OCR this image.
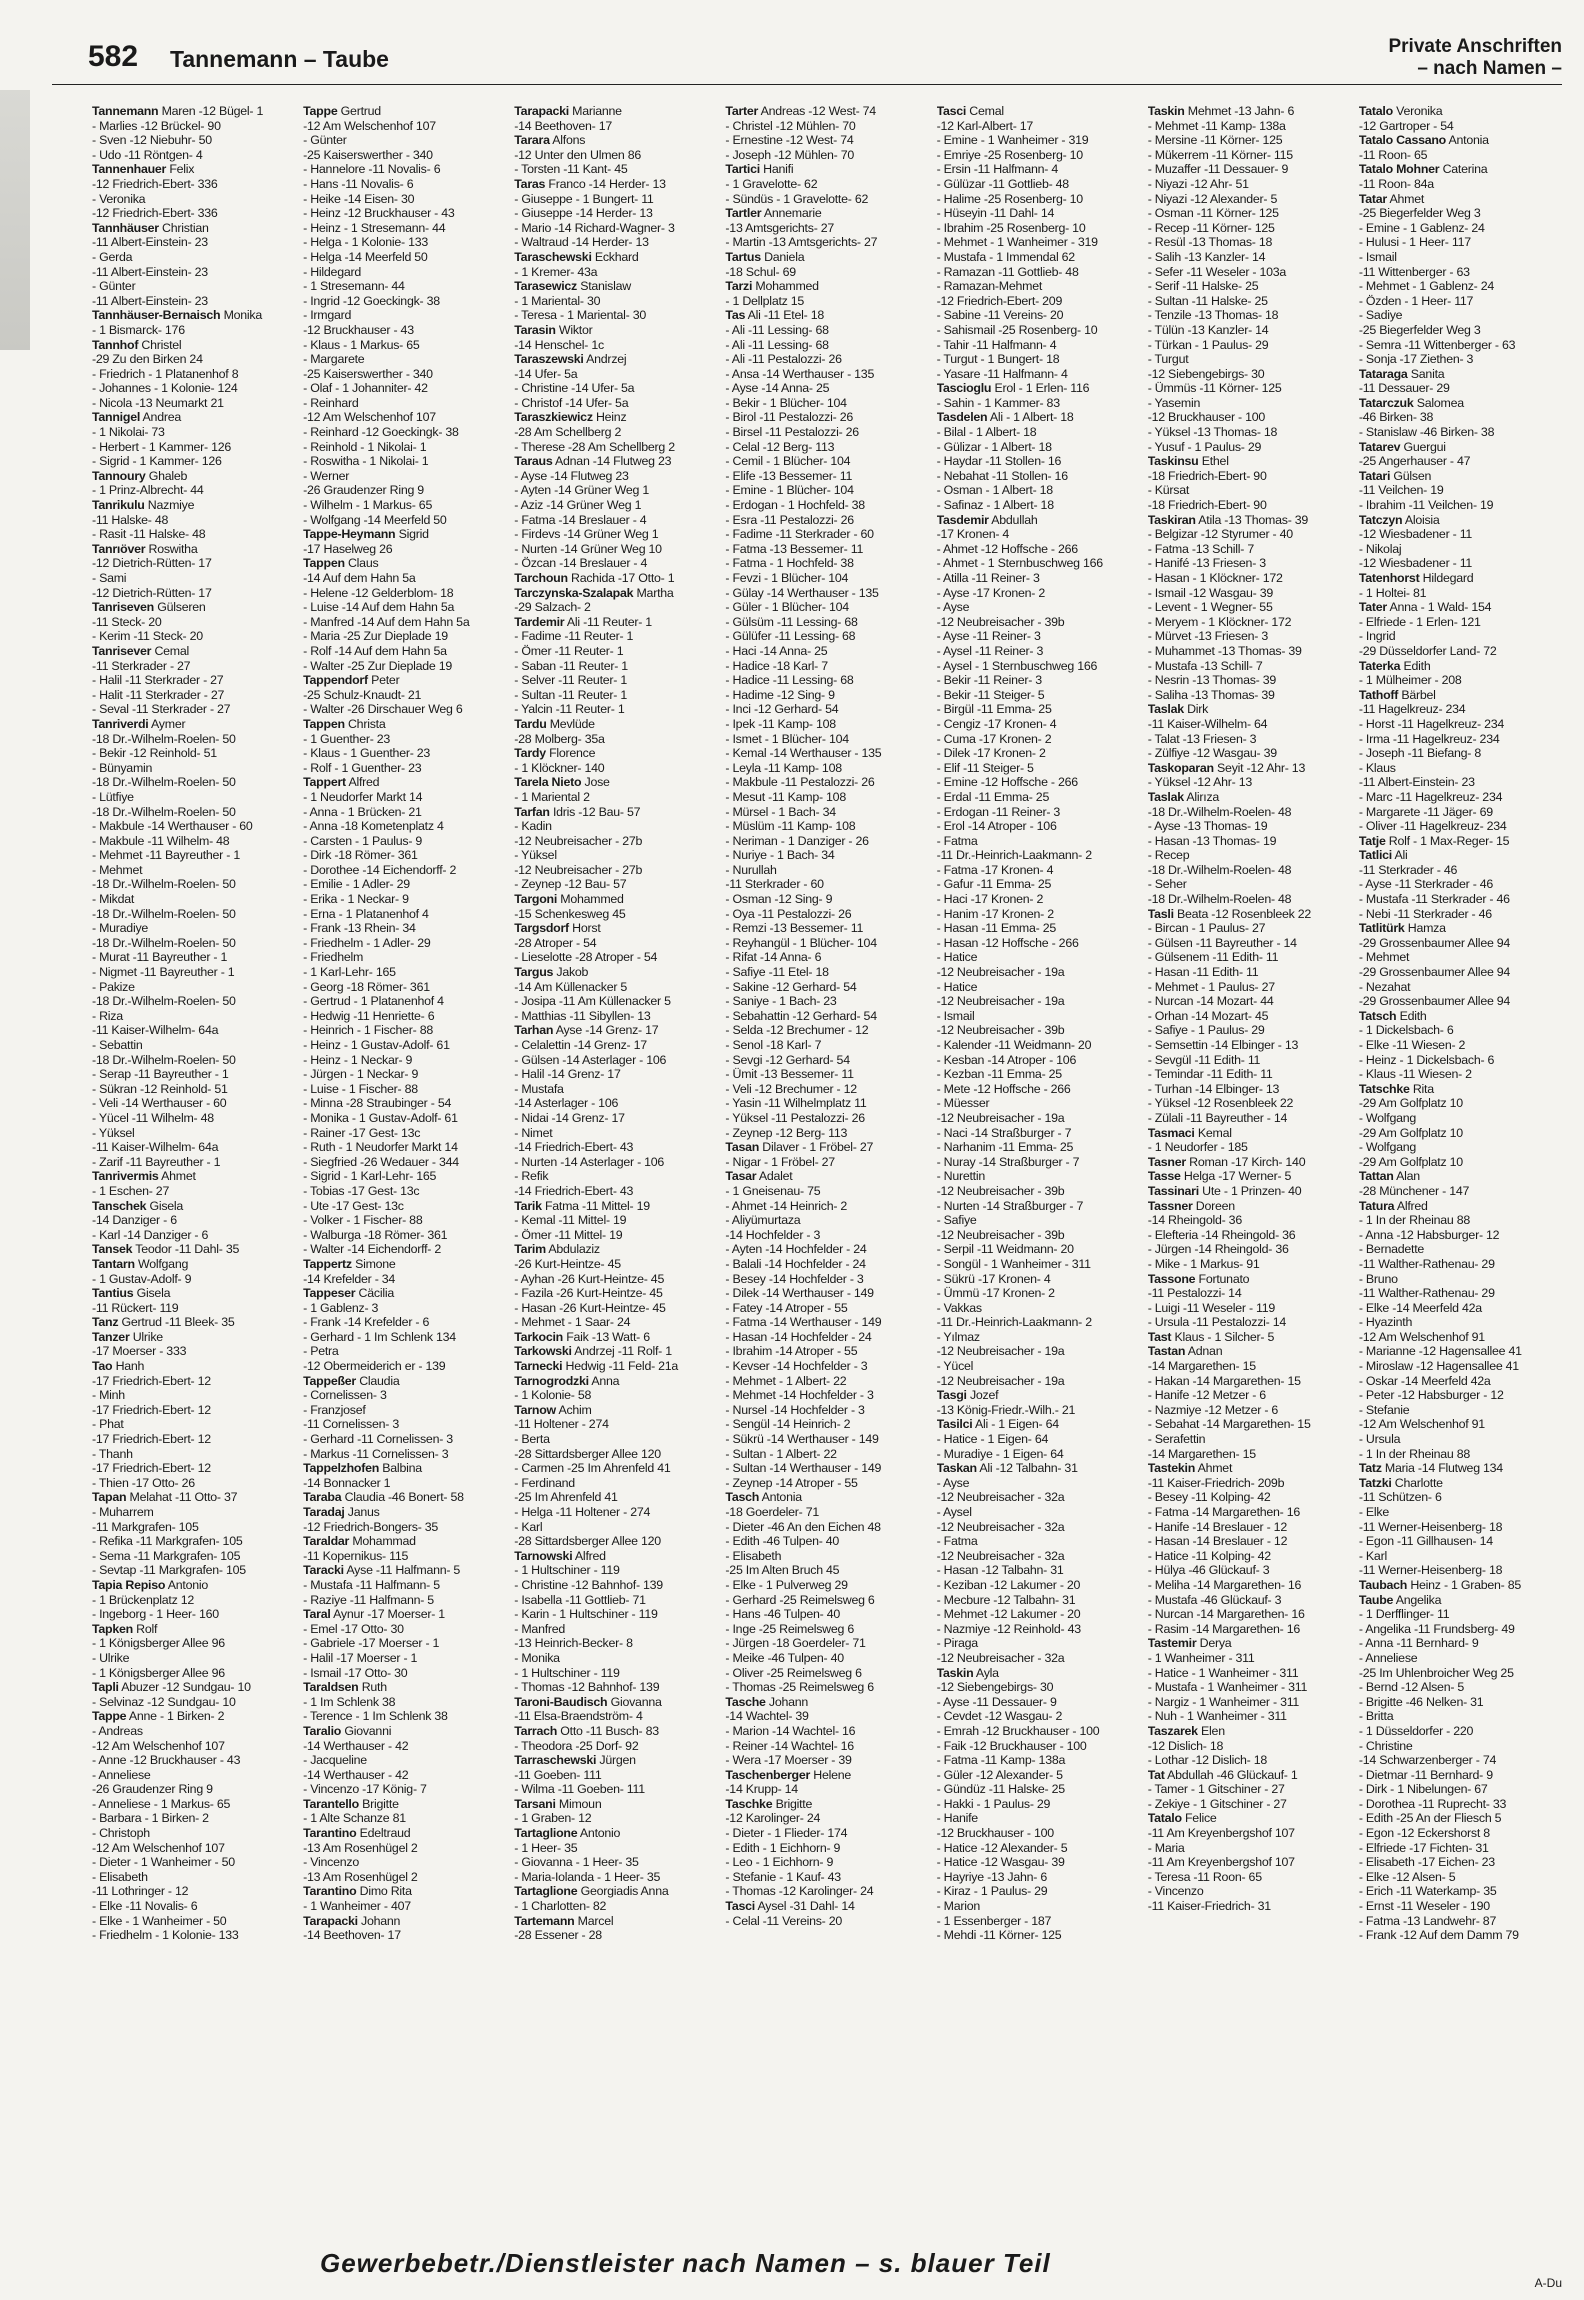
582 Tannemann – Taube	Private Anschriften
– nach Namen –
Tannemann Maren -12 Bügel- 1
- Marlies -12 Brückel- 90
- Sven -12 Niebuhr- 50
- Udo -11 Röntgen- 4
Tannenhauer Felix
-12 Friedrich-Ebert- 336
- Veronika
-12 Friedrich-Ebert- 336
Tannhäuser Christian
-11 Albert-Einstein- 23
- Gerda
-11 Albert-Einstein- 23
- Günter
-11 Albert-Einstein- 23
Tannhäuser-Bernaisch Monika
- 1 Bismarck- 176
Tannhof Christel
-29 Zu den Birken 24
- Friedrich - 1 Platanenhof 8
- Johannes - 1 Kolonie- 124
- Nicola -13 Neumarkt 21
Tannigel Andrea
- 1 Nikolai- 73
- Herbert - 1 Kammer- 126
- Sigrid - 1 Kammer- 126
Tannoury Ghaleb
- 1 Prinz-Albrecht- 44
Tanrikulu Nazmiye
-11 Halske- 48
- Rasit -11 Halske- 48
Tanrıöver Roswitha
-12 Dietrich-Rütten- 17
- Sami
-12 Dietrich-Rütten- 17
Tanriseven Gülseren
-11 Steck- 20
- Kerim -11 Steck- 20
Tanrisever Cemal
-11 Sterkrader - 27
- Halil -11 Sterkrader - 27
- Halit -11 Sterkrader - 27
- Seval -11 Sterkrader - 27
Tanriverdi Aymer
-18 Dr.-Wilhelm-Roelen- 50
- Bekir -12 Reinhold- 51
- Bünyamin
-18 Dr.-Wilhelm-Roelen- 50
- Lütfiye
-18 Dr.-Wilhelm-Roelen- 50
- Makbule -14 Werthauser - 60
- Makbule -11 Wilhelm- 48
- Mehmet -11 Bayreuther - 1
- Mehmet
-18 Dr.-Wilhelm-Roelen- 50
- Mikdat
-18 Dr.-Wilhelm-Roelen- 50
- Muradiye
-18 Dr.-Wilhelm-Roelen- 50
- Murat -11 Bayreuther - 1
- Nigmet -11 Bayreuther - 1
- Pakize
-18 Dr.-Wilhelm-Roelen- 50
- Riza
-11 Kaiser-Wilhelm- 64a
- Sebattin
-18 Dr.-Wilhelm-Roelen- 50
- Serap -11 Bayreuther - 1
- Sükran -12 Reinhold- 51
- Veli -14 Werthauser - 60
- Yücel -11 Wilhelm- 48
- Yüksel
-11 Kaiser-Wilhelm- 64a
- Zarif -11 Bayreuther - 1
Tanrivermis Ahmet
- 1 Eschen- 27
Tanschek Gisela
-14 Danziger - 6
- Karl -14 Danziger - 6
Tansek Teodor -11 Dahl- 35
Tantarn Wolfgang
- 1 Gustav-Adolf- 9
Tantius Gisela
-11 Rückert- 119
Tanz Gertrud -11 Bleek- 35
Tanzer Ulrike
-17 Moerser - 333
Tao Hanh
-17 Friedrich-Ebert- 12
- Minh
-17 Friedrich-Ebert- 12
- Phat
-17 Friedrich-Ebert- 12
- Thanh
-17 Friedrich-Ebert- 12
- Thien -17 Otto- 26
Tapan Melahat -11 Otto- 37
- Muharrem
-11 Markgrafen- 105
- Refika -11 Markgrafen- 105
- Sema -11 Markgrafen- 105
- Sevtap -11 Markgrafen- 105
Tapia Repiso Antonio
- 1 Brückenplatz 12
- Ingeborg - 1 Heer- 160
Tapken Rolf
- 1 Königsberger Allee 96
- Ulrike
- 1 Königsberger Allee 96
Tapli Abuzer -12 Sundgau- 10
- Selvinaz -12 Sundgau- 10
Tappe Anne - 1 Birken- 2
- Andreas
-12 Am Welschenhof 107
- Anne -12 Bruckhauser - 43
- Anneliese
-26 Graudenzer Ring 9
- Anneliese - 1 Markus- 65
- Barbara - 1 Birken- 2
- Christoph
-12 Am Welschenhof 107
- Dieter - 1 Wanheimer - 50
- Elisabeth
-11 Lothringer - 12
- Elke -11 Novalis- 6
- Elke - 1 Wanheimer - 50
- Friedhelm - 1 Kolonie- 133
Tappe Gertrud
-12 Am Welschenhof 107
- Günter
-25 Kaiserswerther - 340
- Hannelore -11 Novalis- 6
- Hans -11 Novalis- 6
- Heike -14 Eisen- 30
- Heinz -12 Bruckhauser - 43
- Heinz - 1 Stresemann- 44
- Helga - 1 Kolonie- 133
- Helga -14 Meerfeld 50
- Hildegard
- 1 Stresemann- 44
- Ingrid -12 Goeckingk- 38
- Irmgard
-12 Bruckhauser - 43
- Klaus - 1 Markus- 65
- Margarete
-25 Kaiserswerther - 340
- Olaf - 1 Johanniter- 42
- Reinhard
-12 Am Welschenhof 107
- Reinhard -12 Goeckingk- 38
- Reinhold - 1 Nikolai- 1
- Roswitha - 1 Nikolai- 1
- Werner
-26 Graudenzer Ring 9
- Wilhelm - 1 Markus- 65
- Wolfgang -14 Meerfeld 50
Tappe-Heymann Sigrid
-17 Haselweg 26
Tappen Claus
-14 Auf dem Hahn 5a
- Helene -12 Gelderblom- 18
- Luise -14 Auf dem Hahn 5a
- Manfred -14 Auf dem Hahn 5a
- Maria -25 Zur Dieplade 19
- Rolf -14 Auf dem Hahn 5a
- Walter -25 Zur Dieplade 19
Tappendorf Peter
-25 Schulz-Knaudt- 21
- Walter -26 Dirschauer Weg 6
Tappen Christa
- 1 Guenther- 23
- Klaus - 1 Guenther- 23
- Rolf - 1 Guenther- 23
Tappert Alfred
- 1 Neudorfer Markt 14
- Anna - 1 Brücken- 21
- Anna -18 Kometenplatz 4
- Carsten - 1 Paulus- 9
- Dirk -18 Römer- 361
- Dorothee -14 Eichendorff- 2
- Emilie - 1 Adler- 29
- Erika - 1 Neckar- 9
- Erna - 1 Platanenhof 4
- Frank -13 Rhein- 34
- Friedhelm - 1 Adler- 29
- Friedhelm
- 1 Karl-Lehr- 165
- Georg -18 Römer- 361
- Gertrud - 1 Platanenhof 4
- Hedwig -11 Henriette- 6
- Heinrich - 1 Fischer- 88
- Heinz - 1 Gustav-Adolf- 61
- Heinz - 1 Neckar- 9
- Jürgen - 1 Neckar- 9
- Luise - 1 Fischer- 88
- Minna -28 Straubinger - 54
- Monika - 1 Gustav-Adolf- 61
- Rainer -17 Gest- 13c
- Ruth - 1 Neudorfer Markt 14
- Siegfried -26 Wedauer - 344
- Sigrid - 1 Karl-Lehr- 165
- Tobias -17 Gest- 13c
- Ute -17 Gest- 13c
- Volker - 1 Fischer- 88
- Walburga -18 Römer- 361
- Walter -14 Eichendorff- 2
Tappertz Simone
-14 Krefelder - 34
Tappeser Cäcilia
- 1 Gablenz- 3
- Frank -14 Krefelder - 6
- Gerhard - 1 Im Schlenk 134
- Petra
-12 Obermeiderich er - 139
Tappeßer Claudia
- Cornelissen- 3
- Franzjosef
-11 Cornelissen- 3
- Gerhard -11 Cornelissen- 3
- Markus -11 Cornelissen- 3
Tappelzhofen Balbina
-14 Bonnacker 1
Taraba Claudia -46 Bonert- 58
Taradaj Janus
-12 Friedrich-Bongers- 35
Taraldar Mohammad
-11 Kopernikus- 115
Taracki Ayse -11 Halfmann- 5
- Mustafa -11 Halfmann- 5
- Raziye -11 Halfmann- 5
Taral Aynur -17 Moerser- 1
- Emel -17 Otto- 30
- Gabriele -17 Moerser - 1
- Halil -17 Moerser - 1
- Ismail -17 Otto- 30
Taraldsen Ruth
- 1 Im Schlenk 38
- Terence - 1 Im Schlenk 38
Taralio Giovanni
-14 Werthauser - 42
- Jacqueline
-14 Werthauser - 42
- Vincenzo -17 König- 7
Tarantello Brigitte
- 1 Alte Schanze 81
Tarantino Edeltraud
-13 Am Rosenhügel 2
- Vincenzo
-13 Am Rosenhügel 2
Tarantino Dimo Rita
- 1 Wanheimer - 407
Tarapacki Johann
-14 Beethoven- 17
Tarapacki Marianne
-14 Beethoven- 17
Tarara Alfons
-12 Unter den Ulmen 86
- Torsten -11 Kant- 45
Taras Franco -14 Herder- 13
- Giuseppe - 1 Bungert- 11
- Giuseppe -14 Herder- 13
- Mario -14 Richard-Wagner- 3
- Waltraud -14 Herder- 13
Taraschewski Eckhard
- 1 Kremer- 43a
Tarasewicz Stanislaw
- 1 Mariental- 30
- Teresa - 1 Mariental- 30
Tarasin Wiktor
-14 Henschel- 1c
Taraszewski Andrzej
-14 Ufer- 5a
- Christine -14 Ufer- 5a
- Christof -14 Ufer- 5a
Taraszkiewicz Heinz
-28 Am Schellberg 2
- Therese -28 Am Schellberg 2
Taraus Adnan -14 Flutweg 23
- Ayse -14 Flutweg 23
- Ayten -14 Grüner Weg 1
- Aziz -14 Grüner Weg 1
- Fatma -14 Breslauer - 4
- Firdevs -14 Grüner Weg 1
- Nurten -14 Grüner Weg 10
- Özcan -14 Breslauer - 4
Tarchoun Rachida -17 Otto- 1
Tarczynska-Szalapak Martha
-29 Salzach- 2
Tardemir Ali -11 Reuter- 1
- Fadime -11 Reuter- 1
- Ömer -11 Reuter- 1
- Saban -11 Reuter- 1
- Selver -11 Reuter- 1
- Sultan -11 Reuter- 1
- Yalcin -11 Reuter- 1
Tardu Mevlüde
-28 Molberg- 35a
Tardy Florence
- 1 Klöckner- 140
Tarela Nieto Jose
- 1 Mariental 2
Tarfan Idris -12 Bau- 57
- Kadin
-12 Neubreisacher - 27b
- Yüksel
-12 Neubreisacher - 27b
- Zeynep -12 Bau- 57
Targoni Mohammed
-15 Schenkesweg 45
Targsdorf Horst
-28 Atroper - 54
- Lieselotte -28 Atroper - 54
Targus Jakob
-14 Am Küllenacker 5
- Josipa -11 Am Küllenacker 5
- Matthias -11 Sibyllen- 13
Tarhan Ayse -14 Grenz- 17
- Celalettin -14 Grenz- 17
- Gülsen -14 Asterlager - 106
- Halil -14 Grenz- 17
- Mustafa
-14 Asterlager - 106
- Nidai -14 Grenz- 17
- Nimet
-14 Friedrich-Ebert- 43
- Nurten -14 Asterlager - 106
- Refik
-14 Friedrich-Ebert- 43
Tarik Fatma -11 Mittel- 19
- Kemal -11 Mittel- 19
- Ömer -11 Mittel- 19
Tarim Abdulaziz
-26 Kurt-Heintze- 45
- Ayhan -26 Kurt-Heintze- 45
- Fazila -26 Kurt-Heintze- 45
- Hasan -26 Kurt-Heintze- 45
- Mehmet - 1 Saar- 24
Tarkocin Faik -13 Watt- 6
Tarkowski Andrzej -11 Rolf- 1
Tarnecki Hedwig -11 Feld- 21a
Tarnogrodzki Anna
- 1 Kolonie- 58
Tarnow Achim
-11 Holtener - 274
- Berta
-28 Sittardsberger Allee 120
- Carmen -25 Im Ahrenfeld 41
- Ferdinand
-25 Im Ahrenfeld 41
- Helga -11 Holtener - 274
- Karl
-28 Sittardsberger Allee 120
Tarnowski Alfred
- 1 Hultschiner - 119
- Christine -12 Bahnhof- 139
- Isabella -11 Gottlieb- 71
- Karin - 1 Hultschiner - 119
- Manfred
-13 Heinrich-Becker- 8
- Monika
- 1 Hultschiner - 119
- Thomas -12 Bahnhof- 139
Taroni-Baudisch Giovanna
-11 Elsa-Braendström- 4
Tarrach Otto -11 Busch- 83
- Theodora -25 Dorf- 92
Tarraschewski Jürgen
-11 Goeben- 111
- Wilma -11 Goeben- 111
Tarsani Mimoun
- 1 Graben- 12
Tartaglione Antonio
- 1 Heer- 35
- Giovanna - 1 Heer- 35
- Maria-Iolanda - 1 Heer- 35
Tartaglione Georgiadis Anna
- 1 Charlotten- 82
Tartemann Marcel
-28 Essener - 28
Tarter Andreas -12 West- 74
- Christel -12 Mühlen- 70
- Ernestine -12 West- 74
- Joseph -12 Mühlen- 70
Tartici Hanifi
- 1 Gravelotte- 62
- Sündüs - 1 Gravelotte- 62
Tartler Annemarie
-13 Amtsgerichts- 27
- Martin -13 Amtsgerichts- 27
Tartus Daniela
-18 Schul- 69
Tarzi Mohammed
- 1 Dellplatz 15
Tas Ali -11 Etel- 18
- Ali -11 Lessing- 68
- Ali -11 Lessing- 68
- Ali -11 Pestalozzi- 26
- Ansa -14 Werthauser - 135
- Ayse -14 Anna- 25
- Bekir - 1 Blücher- 104
- Birol -11 Pestalozzi- 26
- Birsel -11 Pestalozzi- 26
- Celal -12 Berg- 113
- Cemil - 1 Blücher- 104
- Elife -13 Bessemer- 11
- Emine - 1 Blücher- 104
- Erdogan - 1 Hochfeld- 38
- Esra -11 Pestalozzi- 26
- Fadime -11 Sterkrader - 60
- Fatma -13 Bessemer- 11
- Fatma - 1 Hochfeld- 38
- Fevzi - 1 Blücher- 104
- Gülay -14 Werthauser - 135
- Güler - 1 Blücher- 104
- Gülsüm -11 Lessing- 68
- Gülüfer -11 Lessing- 68
- Haci -14 Anna- 25
- Hadice -18 Karl- 7
- Hadice -11 Lessing- 68
- Hadime -12 Sing- 9
- Inci -12 Gerhard- 54
- Ipek -11 Kamp- 108
- Ismet - 1 Blücher- 104
- Kemal -14 Werthauser - 135
- Leyla -11 Kamp- 108
- Makbule -11 Pestalozzi- 26
- Mesut -11 Kamp- 108
- Mürsel - 1 Bach- 34
- Müslüm -11 Kamp- 108
- Neriman - 1 Danziger - 26
- Nuriye - 1 Bach- 34
- Nurullah
-11 Sterkrader - 60
- Osman -12 Sing- 9
- Oya -11 Pestalozzi- 26
- Remzi -13 Bessemer- 11
- Reyhangül - 1 Blücher- 104
- Rifat -14 Anna- 6
- Safiye -11 Etel- 18
- Sakine -12 Gerhard- 54
- Saniye - 1 Bach- 23
- Sebahattin -12 Gerhard- 54
- Selda -12 Brechumer - 12
- Senol -18 Karl- 7
- Sevgi -12 Gerhard- 54
- Ümit -13 Bessemer- 11
- Veli -12 Brechumer - 12
- Yasin -11 Wilhelmplatz 11
- Yüksel -11 Pestalozzi- 26
- Zeynep -12 Berg- 113
Tasan Dilaver - 1 Fröbel- 27
- Nigar - 1 Fröbel- 27
Tasar Adalet
- 1 Gneisenau- 75
- Ahmet -14 Heinrich- 2
- Aliyümurtaza
-14 Hochfelder - 3
- Ayten -14 Hochfelder - 24
- Balali -14 Hochfelder - 24
- Besey -14 Hochfelder - 3
- Dilek -14 Werthauser - 149
- Fatey -14 Atroper - 55
- Fatma -14 Werthauser - 149
- Hasan -14 Hochfelder - 24
- Ibrahim -14 Atroper - 55
- Kevser -14 Hochfelder - 3
- Mehmet - 1 Albert- 22
- Mehmet -14 Hochfelder - 3
- Nursel -14 Hochfelder - 3
- Sengül -14 Heinrich- 2
- Sükrü -14 Werthauser - 149
- Sultan - 1 Albert- 22
- Sultan -14 Werthauser - 149
- Zeynep -14 Atroper - 55
Tasch Antonia
-18 Goerdeler- 71
- Dieter -46 An den Eichen 48
- Edith -46 Tulpen- 40
- Elisabeth
-25 Im Alten Bruch 45
- Elke - 1 Pulverweg 29
- Gerhard -25 Reimelsweg 6
- Hans -46 Tulpen- 40
- Inge -25 Reimelsweg 6
- Jürgen -18 Goerdeler- 71
- Meike -46 Tulpen- 40
- Oliver -25 Reimelsweg 6
- Thomas -25 Reimelsweg 6
Tasche Johann
-14 Wachtel- 39
- Marion -14 Wachtel- 16
- Reiner -14 Wachtel- 16
- Wera -17 Moerser - 39
Taschenberger Helene
-14 Krupp- 14
Taschke Brigitte
-12 Karolinger- 24
- Dieter - 1 Flieder- 174
- Edith - 1 Eichhorn- 9
- Leo - 1 Eichhorn- 9
- Stefanie - 1 Kauf- 43
- Thomas -12 Karolinger- 24
Tasci Aysel -31 Dahl- 14
- Celal -11 Vereins- 20
Tasci Cemal
-12 Karl-Albert- 17
- Emine - 1 Wanheimer - 319
- Emriye -25 Rosenberg- 10
- Ersin -11 Halfmann- 4
- Gülüzar -11 Gottlieb- 48
- Halime -25 Rosenberg- 10
- Hüseyin -11 Dahl- 14
- Ibrahim -25 Rosenberg- 10
- Mehmet - 1 Wanheimer - 319
- Mustafa - 1 Immendal 62
- Ramazan -11 Gottlieb- 48
- Ramazan-Mehmet
-12 Friedrich-Ebert- 209
- Sabine -11 Vereins- 20
- Sahismail -25 Rosenberg- 10
- Tahir -11 Halfmann- 4
- Turgut - 1 Bungert- 18
- Yasare -11 Halfmann- 4
Tascioglu Erol - 1 Erlen- 116
- Sahin - 1 Kammer- 83
Tasdelen Ali - 1 Albert- 18
- Bilal - 1 Albert- 18
- Gülizar - 1 Albert- 18
- Haydar -11 Stollen- 16
- Nebahat -11 Stollen- 16
- Osman - 1 Albert- 18
- Safinaz - 1 Albert- 18
Tasdemir Abdullah
-17 Kronen- 4
- Ahmet -12 Hoffsche - 266
- Ahmet - 1 Sternbuschweg 166
- Atilla -11 Reiner- 3
- Ayse -17 Kronen- 2
- Ayse
-12 Neubreisacher - 39b
- Ayse -11 Reiner- 3
- Aysel -11 Reiner- 3
- Aysel - 1 Sternbuschweg 166
- Bekir -11 Reiner- 3
- Bekir -11 Steiger- 5
- Birgül -11 Emma- 25
- Cengiz -17 Kronen- 4
- Cuma -17 Kronen- 2
- Dilek -17 Kronen- 2
- Elif -11 Steiger- 5
- Emine -12 Hoffsche - 266
- Erdal -11 Emma- 25
- Erdogan -11 Reiner- 3
- Erol -14 Atroper - 106
- Fatma
-11 Dr.-Heinrich-Laakmann- 2
- Fatma -17 Kronen- 4
- Gafur -11 Emma- 25
- Haci -17 Kronen- 2
- Hanim -17 Kronen- 2
- Hasan -11 Emma- 25
- Hasan -12 Hoffsche - 266
- Hatice
-12 Neubreisacher - 19a
- Hatice
-12 Neubreisacher - 19a
- Ismail
-12 Neubreisacher - 39b
- Kalender -11 Weidmann- 20
- Kesban -14 Atroper - 106
- Kezban -11 Emma- 25
- Mete -12 Hoffsche - 266
- Müesser
-12 Neubreisacher - 19a
- Naci -14 Straßburger - 7
- Narhanim -11 Emma- 25
- Nuray -14 Straßburger - 7
- Nurettin
-12 Neubreisacher - 39b
- Nurten -14 Straßburger - 7
- Safiye
-12 Neubreisacher - 39b
- Serpil -11 Weidmann- 20
- Songül - 1 Wanheimer - 311
- Sükrü -17 Kronen- 4
- Ümmü -17 Kronen- 2
- Vakkas
-11 Dr.-Heinrich-Laakmann- 2
- Yılmaz
-12 Neubreisacher - 19a
- Yücel
-12 Neubreisacher - 19a
Tasgi Jozef
-13 König-Friedr.-Wilh.- 21
Tasilci Ali - 1 Eigen- 64
- Hatice - 1 Eigen- 64
- Muradiye - 1 Eigen- 64
Taskan Ali -12 Talbahn- 31
- Ayse
-12 Neubreisacher - 32a
- Aysel
-12 Neubreisacher - 32a
- Fatma
-12 Neubreisacher - 32a
- Hasan -12 Talbahn- 31
- Keziban -12 Lakumer - 20
- Mecbure -12 Talbahn- 31
- Mehmet -12 Lakumer - 20
- Nazmiye -12 Reinhold- 43
- Piraga
-12 Neubreisacher - 32a
Taskin Ayla
-12 Siebengebirgs- 30
- Ayse -11 Dessauer- 9
- Cevdet -12 Wasgau- 2
- Emrah -12 Bruckhauser - 100
- Faik -12 Bruckhauser - 100
- Fatma -11 Kamp- 138a
- Güler -12 Alexander- 5
- Gündüz -11 Halske- 25
- Hakki - 1 Paulus- 29
- Hanife
-12 Bruckhauser - 100
- Hatice -12 Alexander- 5
- Hatice -12 Wasgau- 39
- Hayriye -13 Jahn- 6
- Kiraz - 1 Paulus- 29
- Marion
- 1 Essenberger - 187
- Mehdi -11 Körner- 125
Taskin Mehmet -13 Jahn- 6
- Mehmet -11 Kamp- 138a
- Mersine -11 Körner- 125
- Mükerrem -11 Körner- 115
- Muzaffer -11 Dessauer- 9
- Niyazi -12 Ahr- 51
- Niyazi -12 Alexander- 5
- Osman -11 Körner- 125
- Recep -11 Körner- 125
- Resül -13 Thomas- 18
- Salih -13 Kanzler- 14
- Sefer -11 Weseler - 103a
- Serif -11 Halske- 25
- Sultan -11 Halske- 25
- Tenzile -13 Thomas- 18
- Tülün -13 Kanzler- 14
- Türkan - 1 Paulus- 29
- Turgut
-12 Siebengebirgs- 30
- Ümmüs -11 Körner- 125
- Yasemin
-12 Bruckhauser - 100
- Yüksel -13 Thomas- 18
- Yusuf - 1 Paulus- 29
Taskinsu Ethel
-18 Friedrich-Ebert- 90
- Kürsat
-18 Friedrich-Ebert- 90
Taskiran Atila -13 Thomas- 39
- Belgizar -12 Styrumer - 40
- Fatma -13 Schill- 7
- Hanifé -13 Friesen- 3
- Hasan - 1 Klöckner- 172
- Ismail -12 Wasgau- 39
- Levent - 1 Wegner- 55
- Meryem - 1 Klöckner- 172
- Mürvet -13 Friesen- 3
- Muhammet -13 Thomas- 39
- Mustafa -13 Schill- 7
- Nesrin -13 Thomas- 39
- Saliha -13 Thomas- 39
Taslak Dirk
-11 Kaiser-Wilhelm- 64
- Talat -13 Friesen- 3
- Zülfiye -12 Wasgau- 39
Taskoparan Seyit -12 Ahr- 13
- Yüksel -12 Ahr- 13
Taslak Alirıza
-18 Dr.-Wilhelm-Roelen- 48
- Ayse -13 Thomas- 19
- Hasan -13 Thomas- 19
- Recep
-18 Dr.-Wilhelm-Roelen- 48
- Seher
-18 Dr.-Wilhelm-Roelen- 48
Tasli Beata -12 Rosenbleek 22
- Bircan - 1 Paulus- 27
- Gülsen -11 Bayreuther - 14
- Gülsenem -11 Edith- 11
- Hasan -11 Edith- 11
- Mehmet - 1 Paulus- 27
- Nurcan -14 Mozart- 44
- Orhan -14 Mozart- 45
- Safiye - 1 Paulus- 29
- Semsettin -14 Elbinger - 13
- Sevgül -11 Edith- 11
- Temindar -11 Edith- 11
- Turhan -14 Elbinger- 13
- Yüksel -12 Rosenbleek 22
- Zülali -11 Bayreuther - 14
Tasmaci Kemal
- 1 Neudorfer - 185
Tasner Roman -17 Kirch- 140
Tasse Helga -17 Werner- 5
Tassinari Ute - 1 Prinzen- 40
Tassner Doreen
-14 Rheingold- 36
- Elefteria -14 Rheingold- 36
- Jürgen -14 Rheingold- 36
- Mike - 1 Markus- 91
Tassone Fortunato
-11 Pestalozzi- 14
- Luigi -11 Weseler - 119
- Ursula -11 Pestalozzi- 14
Tast Klaus - 1 Silcher- 5
Tastan Adnan
-14 Margarethen- 15
- Hakan -14 Margarethen- 15
- Hanife -12 Metzer - 6
- Nazmiye -12 Metzer - 6
- Sebahat -14 Margarethen- 15
- Serafettin
-14 Margarethen- 15
Tastekin Ahmet
-11 Kaiser-Friedrich- 209b
- Besey -11 Kolping- 42
- Fatma -14 Margarethen- 16
- Hanife -14 Breslauer - 12
- Hasan -14 Breslauer - 12
- Hatice -11 Kolping- 42
- Hülya -46 Glückauf- 3
- Meliha -14 Margarethen- 16
- Mustafa -46 Glückauf- 3
- Nurcan -14 Margarethen- 16
- Rasim -14 Margarethen- 16
Tastemir Derya
- 1 Wanheimer - 311
- Hatice - 1 Wanheimer - 311
- Mustafa - 1 Wanheimer - 311
- Nargiz - 1 Wanheimer - 311
- Nuh - 1 Wanheimer - 311
Taszarek Elen
-12 Dislich- 18
- Lothar -12 Dislich- 18
Tat Abdullah -46 Glückauf- 1
- Tamer - 1 Gitschiner - 27
- Zekiye - 1 Gitschiner - 27
Tatalo Felice
-11 Am Kreyenbergshof 107
- Maria
-11 Am Kreyenbergshof 107
- Teresa -11 Roon- 65
- Vincenzo
-11 Kaiser-Friedrich- 31
Tatalo Veronika
-12 Gartroper - 54
Tatalo Cassano Antonia
-11 Roon- 65
Tatalo Mohner Caterina
-11 Roon- 84a
Tatar Ahmet
-25 Biegerfelder Weg 3
- Emine - 1 Gablenz- 24
- Hulusi - 1 Heer- 117
- Ismail
-11 Wittenberger - 63
- Mehmet - 1 Gablenz- 24
- Özden - 1 Heer- 117
- Sadiye
-25 Biegerfelder Weg 3
- Semra -11 Wittenberger - 63
- Sonja -17 Ziethen- 3
Tataraga Sanita
-11 Dessauer- 29
Tatarczuk Salomea
-46 Birken- 38
- Stanislaw -46 Birken- 38
Tatarev Guergui
-25 Angerhauser - 47
Tatari Gülsen
-11 Veilchen- 19
- Ibrahim -11 Veilchen- 19
Tatczyn Aloisia
-12 Wiesbadener - 11
- Nikolaj
-12 Wiesbadener - 11
Tatenhorst Hildegard
- 1 Holtei- 81
Tater Anna - 1 Wald- 154
- Elfriede - 1 Erlen- 121
- Ingrid
-29 Düsseldorfer Land- 72
Taterka Edith
- 1 Mülheimer - 208
Tathoff Bärbel
-11 Hagelkreuz- 234
- Horst -11 Hagelkreuz- 234
- Irma -11 Hagelkreuz- 234
- Joseph -11 Biefang- 8
- Klaus
-11 Albert-Einstein- 23
- Marc -11 Hagelkreuz- 234
- Margarete -11 Jäger- 69
- Oliver -11 Hagelkreuz- 234
Tatje Rolf - 1 Max-Reger- 15
Tatlici Ali
-11 Sterkrader - 46
- Ayse -11 Sterkrader - 46
- Mustafa -11 Sterkrader - 46
- Nebi -11 Sterkrader - 46
Tatlitürk Hamza
-29 Grossenbaumer Allee 94
- Mehmet
-29 Grossenbaumer Allee 94
- Nezahat
-29 Grossenbaumer Allee 94
Tatsch Edith
- 1 Dickelsbach- 6
- Elke -11 Wiesen- 2
- Heinz - 1 Dickelsbach- 6
- Klaus -11 Wiesen- 2
Tatschke Rita
-29 Am Golfplatz 10
- Wolfgang
-29 Am Golfplatz 10
- Wolfgang
-29 Am Golfplatz 10
Tattan Alan
-28 Münchener - 147
Tatura Alfred
- 1 In der Rheinau 88
- Anna -12 Habsburger- 12
- Bernadette
-11 Walther-Rathenau- 29
- Bruno
-11 Walther-Rathenau- 29
- Elke -14 Meerfeld 42a
- Hyazinth
-12 Am Welschenhof 91
- Marianne -12 Hagensallee 41
- Miroslaw -12 Hagensallee 41
- Oskar -14 Meerfeld 42a
- Peter -12 Habsburger - 12
- Stefanie
-12 Am Welschenhof 91
- Ursula
- 1 In der Rheinau 88
Tatz Maria -14 Flutweg 134
Tatzki Charlotte
-11 Schützen- 6
- Elke
-11 Werner-Heisenberg- 18
- Egon -11 Gillhausen- 14
- Karl
-11 Werner-Heisenberg- 18
Taubach Heinz - 1 Graben- 85
Taube Angelika
- 1 Derfflinger- 11
- Angelika -11 Frundsberg- 49
- Anna -11 Bernhard- 9
- Anneliese
-25 Im Uhlenbroicher Weg 25
- Bernd -12 Alsen- 5
- Brigitte -46 Nelken- 31
- Britta
- 1 Düsseldorfer - 220
- Christine
-14 Schwarzenberger - 74
- Dietmar -11 Bernhard- 9
- Dirk - 1 Nibelungen- 67
- Dorothea -11 Ruprecht- 33
- Edith -25 An der Fliesch 5
- Egon -12 Eckershorst 8
- Elfriede -17 Fichten- 31
- Elisabeth -17 Eichen- 23
- Elke -12 Alsen- 5
- Erich -11 Waterkamp- 35
- Ernst -11 Weseler - 190
- Fatma -13 Landwehr- 87
- Frank -12 Auf dem Damm 79
Gewerbebetr./Dienstleister nach Namen – s. blauer Teil
A-Du
